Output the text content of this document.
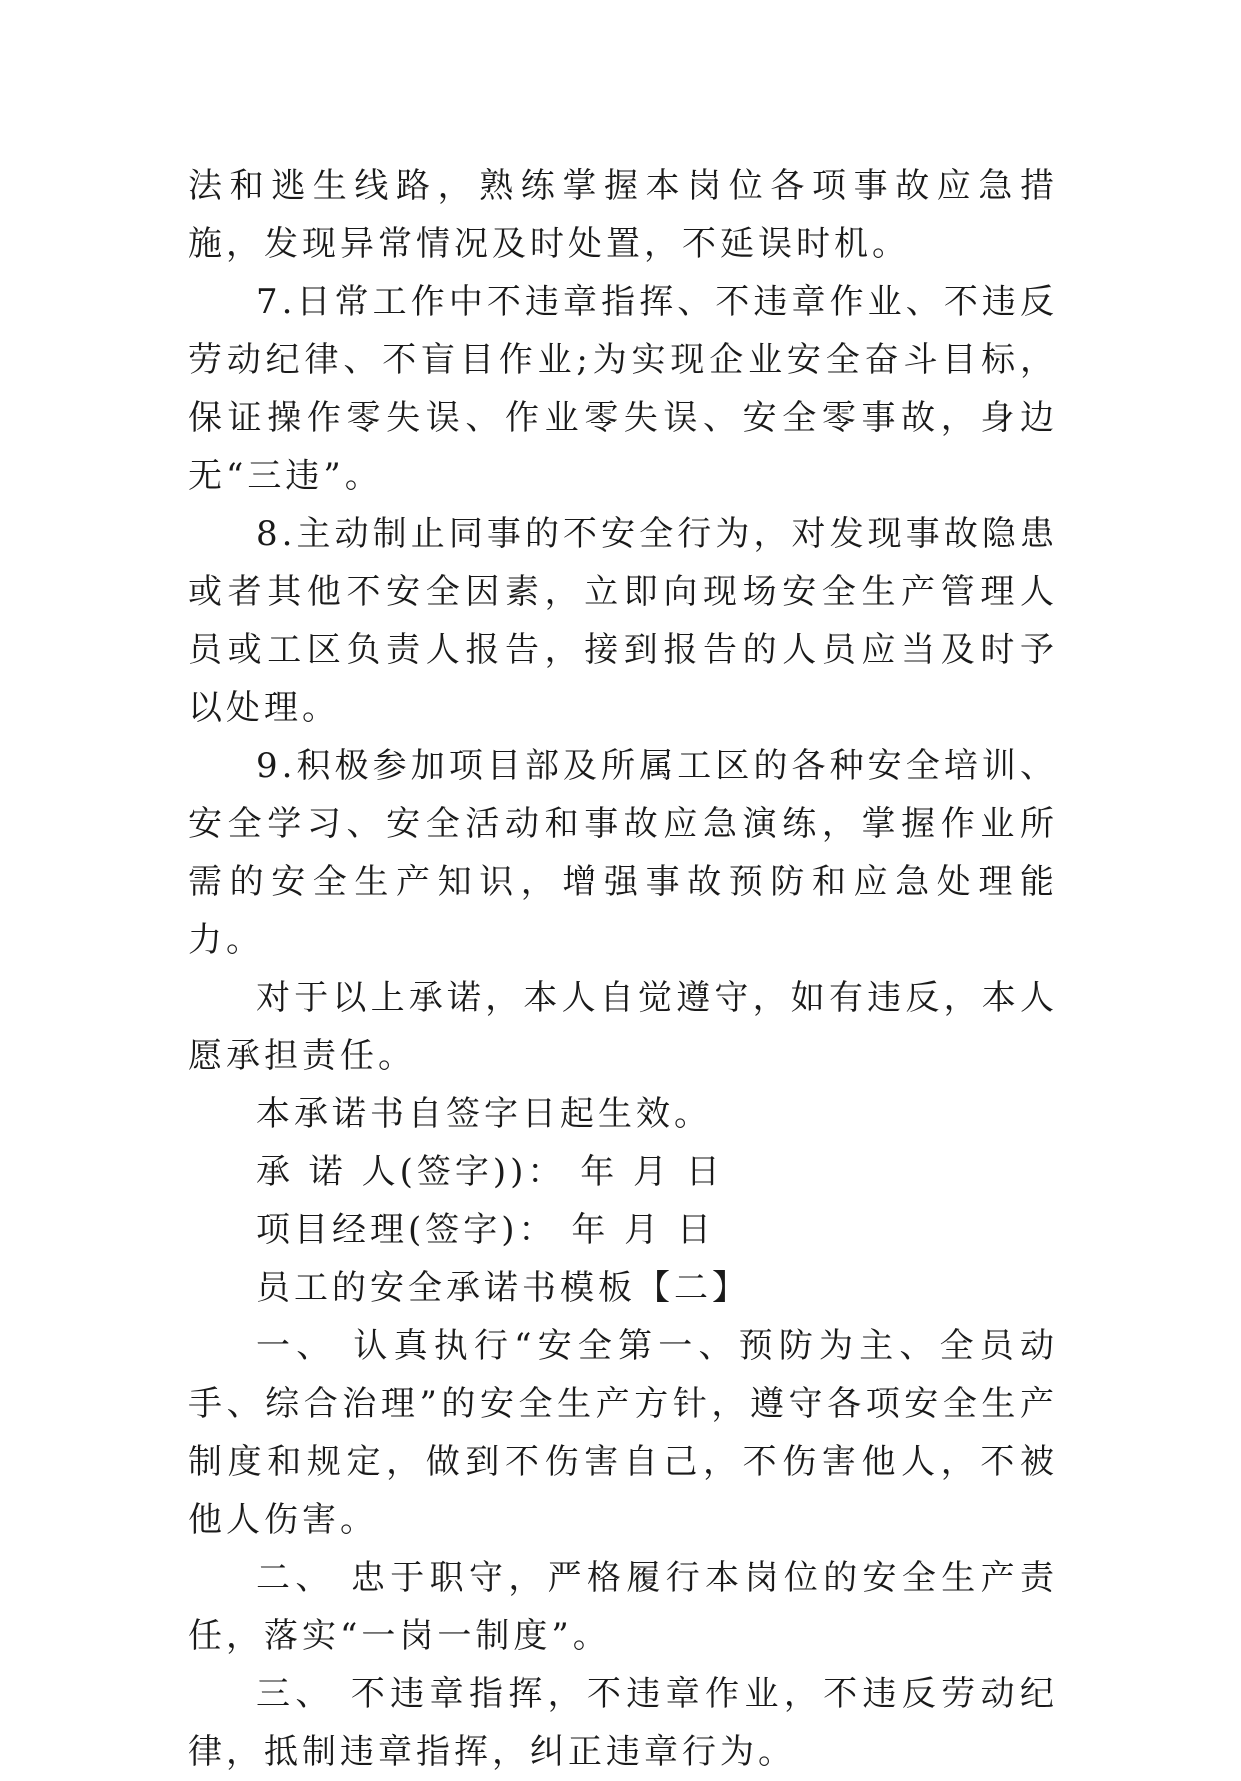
法和逃生线路，熟练掌握本岗位各项事故应急措施，发现异常情况及时处置，不延误时机。

7.日常工作中不违章指挥、不违章作业、不违反劳动纪律、不盲目作业;为实现企业安全奋斗目标，保证操作零失误、作业零失误、安全零事故，身边无“三违”。

8.主动制止同事的不安全行为，对发现事故隐患或者其他不安全因素，立即向现场安全生产管理人员或工区负责人报告，接到报告的人员应当及时予以处理。

9.积极参加项目部及所属工区的各种安全培训、安全学习、安全活动和事故应急演练，掌握作业所需的安全生产知识，增强事故预防和应急处理能力。

对于以上承诺，本人自觉遵守，如有违反，本人愿承担责任。

本承诺书自签字日起生效。

承 诺 人(签字))： 年 月 日

项目经理(签字)： 年 月 日

员工的安全承诺书模板【二】

一、 认真执行“安全第一、预防为主、全员动手、综合治理”的安全生产方针，遵守各项安全生产制度和规定，做到不伤害自己，不伤害他人，不被他人伤害。

二、 忠于职守，严格履行本岗位的安全生产责任，落实“一岗一制度”。

三、 不违章指挥，不违章作业，不违反劳动纪律，抵制违章指挥，纠正违章行为。
